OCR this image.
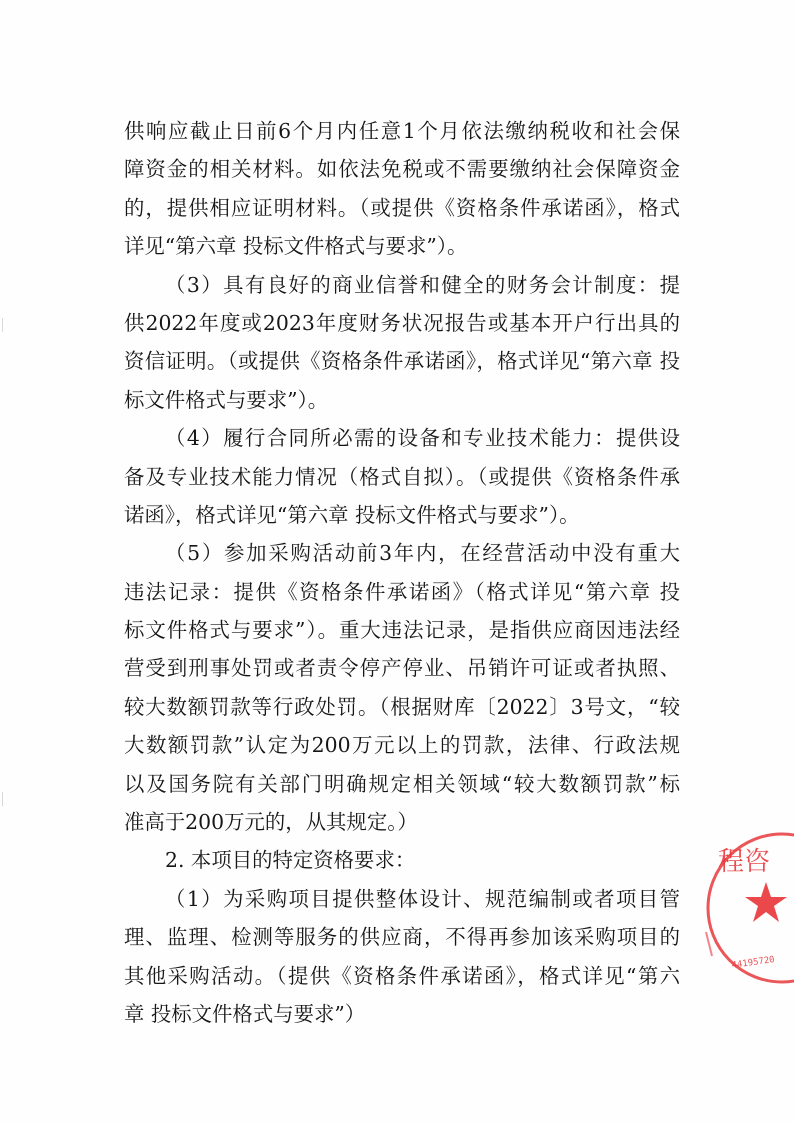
供响应截止日前6个月内任意1个月依法缴纳税收和社会保
障资金的相关材料。如依法免税或不需要缴纳社会保障资金
的，提供相应证明材料。（或提供《资格条件承诺函》，格式
详见“第六章 投标文件格式与要求”）。
（3）具有良好的商业信誉和健全的财务会计制度：提
供2022年度或2023年度财务状况报告或基本开户行出具的
资信证明。（或提供《资格条件承诺函》，格式详见“第六章 投
标文件格式与要求”）。
（4）履行合同所必需的设备和专业技术能力：提供设
备及专业技术能力情况（格式自拟）。（或提供《资格条件承
诺函》，格式详见“第六章 投标文件格式与要求”）。
（5）参加采购活动前3年内，在经营活动中没有重大
违法记录：提供《资格条件承诺函》（格式详见“第六章 投
标文件格式与要求”）。重大违法记录，是指供应商因违法经
营受到刑事处罚或者责令停产停业、吊销许可证或者执照、
较大数额罚款等行政处罚。（根据财库〔2022〕3号文，“较
大数额罚款”认定为200万元以上的罚款，法律、行政法规
以及国务院有关部门明确规定相关领域“较大数额罚款”标
准高于200万元的，从其规定。）
2. 本项目的特定资格要求：
（1）为采购项目提供整体设计、规范编制或者项目管
理、监理、检测等服务的供应商，不得再参加该采购项目的
其他采购活动。（提供《资格条件承诺函》，格式详见“第六
章 投标文件格式与要求”）
程咨
44195720
